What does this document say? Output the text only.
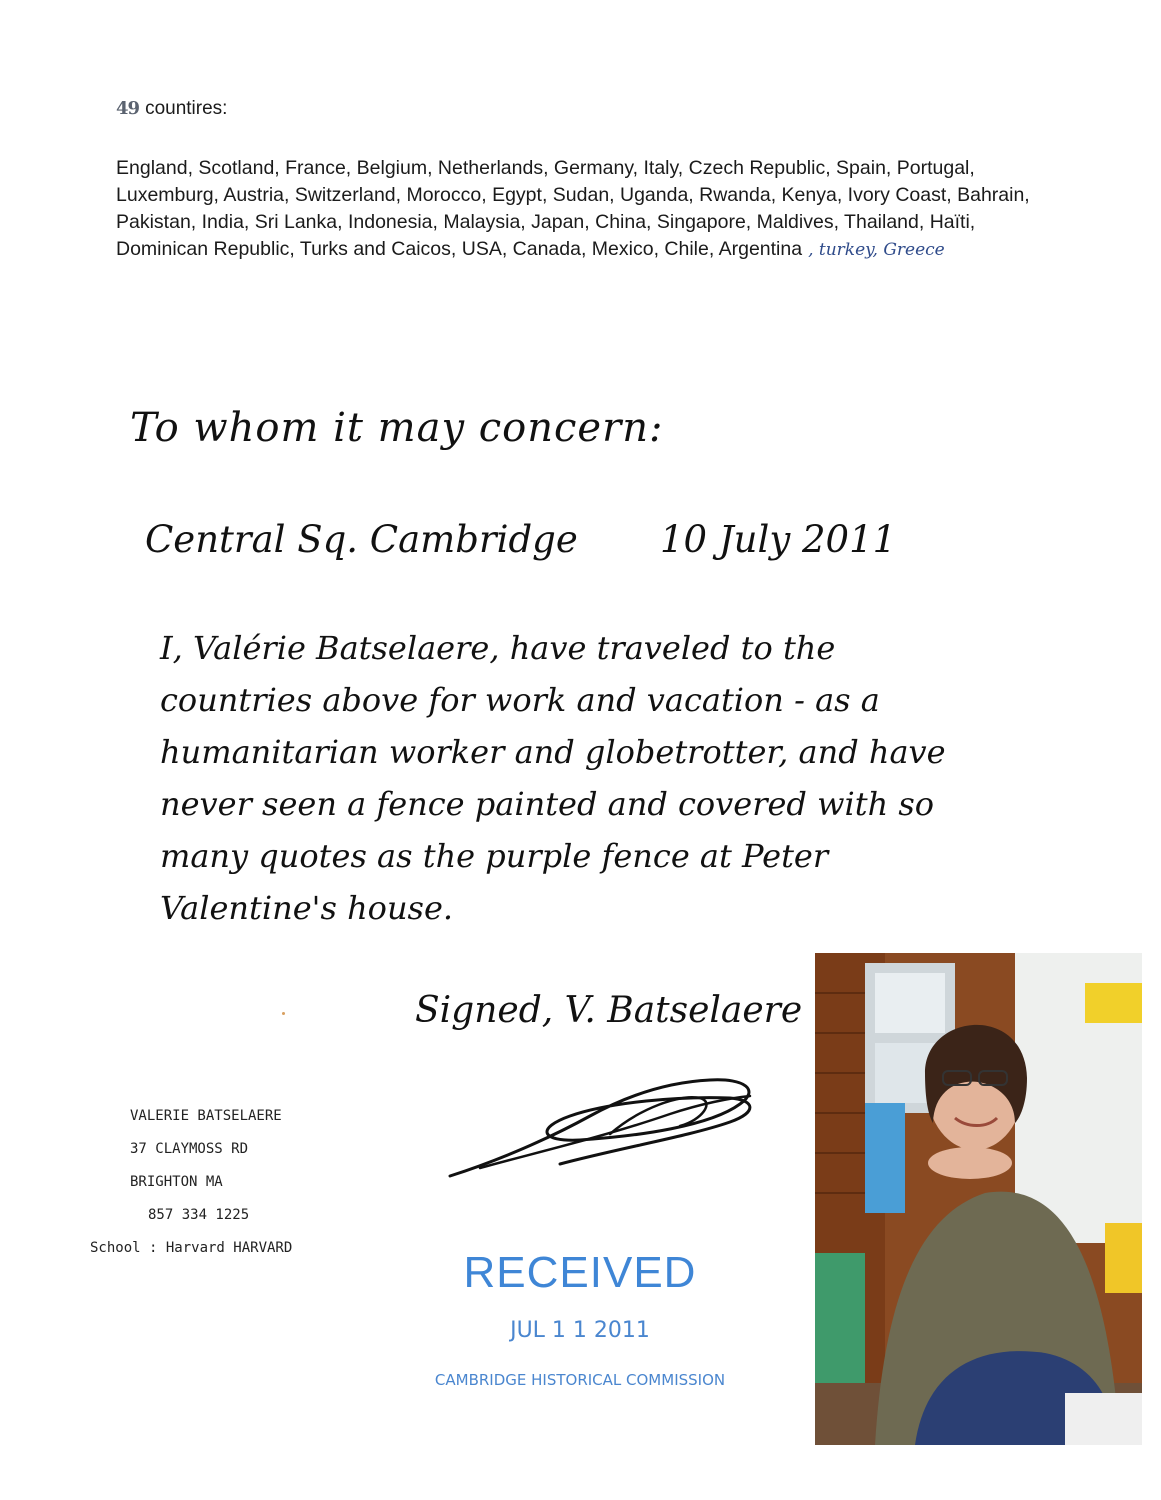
49 countires:
England, Scotland, France, Belgium, Netherlands, Germany, Italy, Czech Republic, Spain, Portugal, Luxemburg, Austria, Switzerland, Morocco, Egypt, Sudan, Uganda, Rwanda, Kenya, Ivory Coast, Bahrain, Pakistan, India, Sri Lanka, Indonesia, Malaysia, Japan, China, Singapore, Maldives, Thailand, Haïti, Dominican Republic, Turks and Caicos, USA, Canada, Mexico, Chile, Argentina , turkey, Greece
To whom it may concern:
Central Sq. Cambridge 10 July 2011
I, Valérie Batselaere, have traveled to the countries above for work and vacation - as a humanitarian worker and globetrotter, and have never seen a fence painted and covered with so many quotes as the purple fence at Peter Valentine's house.
Signed, V. Batselaere
VALERIE BATSELAERE
37 CLAYMOSS RD
BRIGHTON MA
857 334 1225
School : Harvard HARVARD	RECEIVED
JUL 1 1 2011
CAMBRIDGE HISTORICAL COMMISSION
